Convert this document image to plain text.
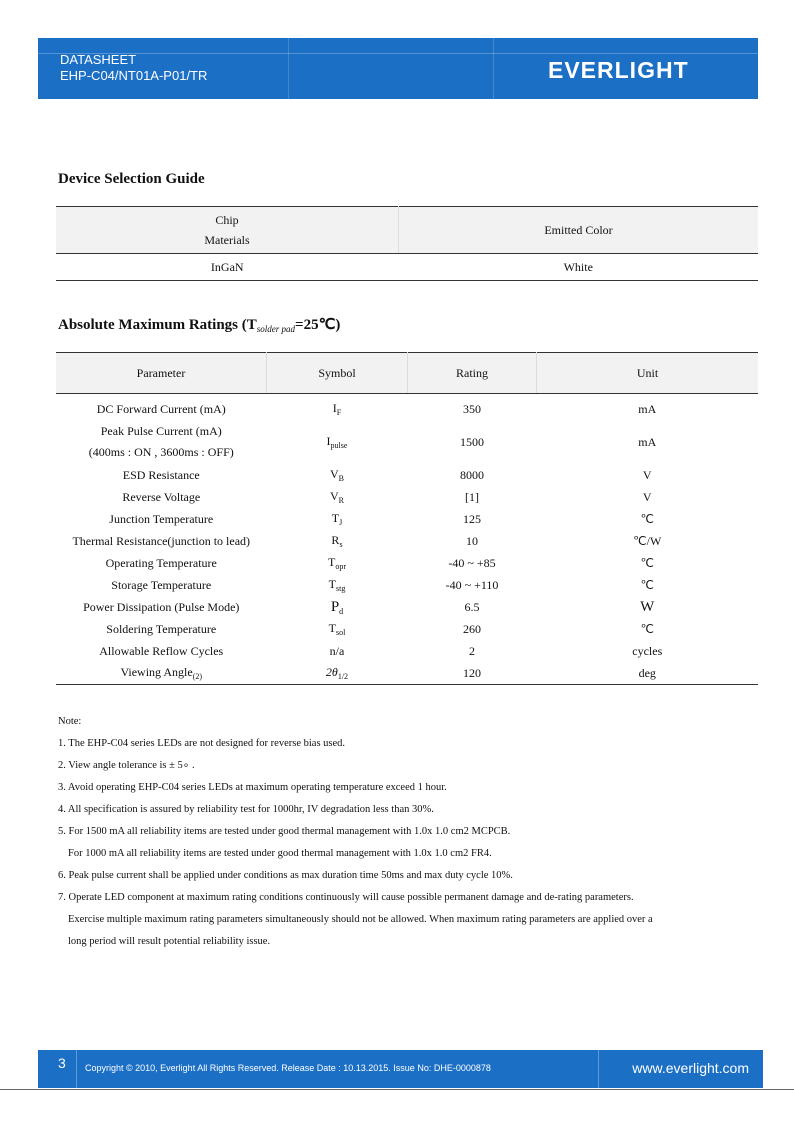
DATASHEET
EHP-C04/NT01A-P01/TR	EVERLIGHT
Device Selection Guide
Chip
Materials	Emitted Color
InGaN	White
Absolute Maximum Ratings $(T_{solder pad}=25℃)$
Parameter	Symbol	Rating	Unit
DC Forward Current (mA)	$I_F$	350	mA
Peak Pulse Current (mA)
(400ms : ON , 3600ms : OFF)	$I_{pulse}$	1500	mA
ESD Resistance	$V_B$	8000	V
Reverse Voltage	$V_R$	[1]	V
Junction Temperature	$T_J$	125	℃
Thermal Resistance(junction to lead)	$R_s$	10	℃/W
Operating Temperature	$T_{opr}$	-40 ~ +85	℃
Storage Temperature	$T_{stg}$	-40 ~ +110	℃
Power Dissipation (Pulse Mode)	$P_d$	6.5	W
Soldering Temperature	$T_{sol}$	260	℃
Allowable Reflow Cycles	n/a	2	cycles
Viewing Angle$_{(2)}$	$2\theta_{1/2}$	120	deg
Note:
1. The EHP-C04 series LEDs are not designed for reverse bias used.
2. View angle tolerance is ± 5∘ .
3. Avoid operating EHP-C04 series LEDs at maximum operating temperature exceed 1 hour.
4. All specification is assured by reliability test for 1000hr, IV degradation less than 30%.
5. For 1500 mA all reliability items are tested under good thermal management with 1.0x 1.0 cm2 MCPCB.
For 1000 mA all reliability items are tested under good thermal management with 1.0x 1.0 cm2 FR4.
6. Peak pulse current shall be applied under conditions as max duration time 50ms and max duty cycle 10%.
7. Operate LED component at maximum rating conditions continuously will cause possible permanent damage and de-rating parameters.
Exercise multiple maximum rating parameters simultaneously should not be allowed. When maximum rating parameters are applied over a
long period will result potential reliability issue.
3 Copyright © 2010, Everlight All Rights Reserved. Release Date : 10.13.2015. Issue No: DHE-0000878	www.everlight.com
